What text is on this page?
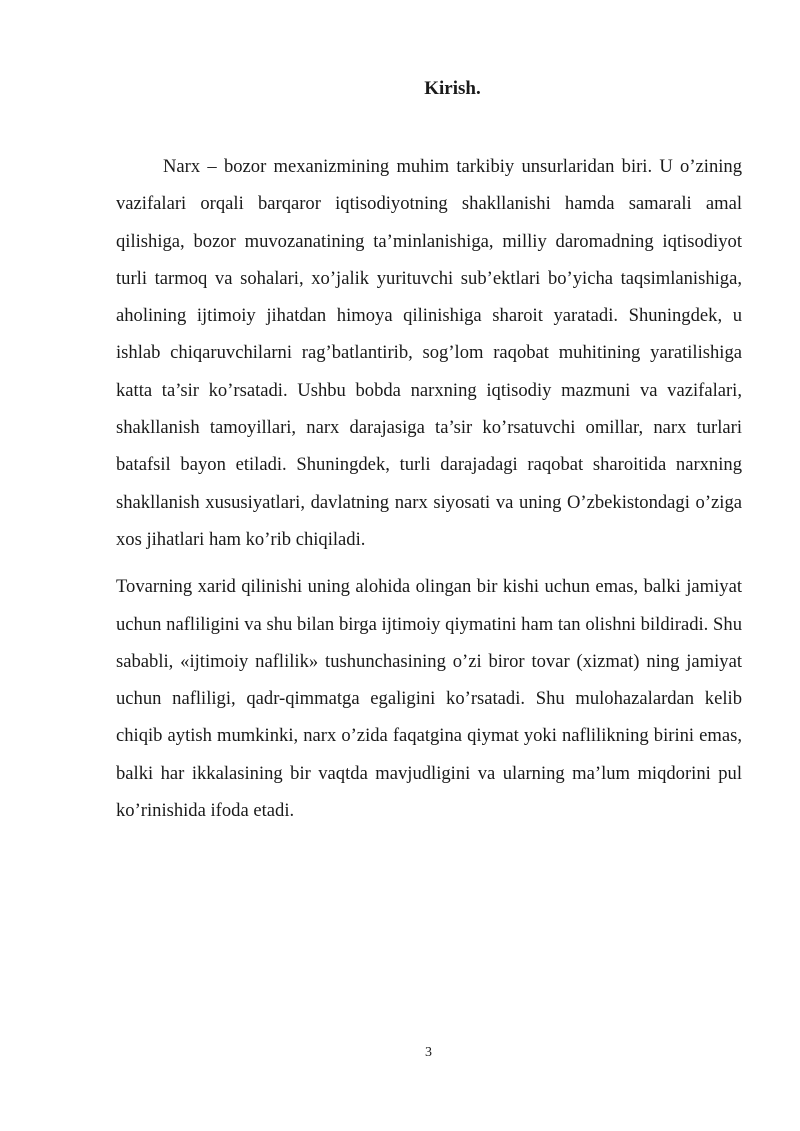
Kirish.

Narx – bozor mexanizmining muhim tarkibiy unsurlaridan biri. U o’zining vazifalari orqali barqaror iqtisodiyotning shakllanishi hamda samarali amal qilishiga, bozor muvozanatining ta’minlanishiga, milliy daromadning iqtisodiyot turli tarmoq va sohalari, xo’jalik yurituvchi sub’ektlari bo’yicha taqsimlanishiga, aholining ijtimoiy jihatdan himoya qilinishiga sharoit yaratadi. Shuningdek, u ishlab chiqaruvchilarni rag’batlantirib, sog’lom raqobat muhitining yaratilishiga katta ta’sir ko’rsatadi. Ushbu bobda narxning iqtisodiy mazmuni va vazifalari, shakllanish tamoyillari, narx darajasiga ta’sir ko’rsatuvchi omillar, narx turlari batafsil bayon etiladi. Shuningdek, turli darajadagi raqobat sharoitida narxning shakllanish xususiyatlari, davlatning narx siyosati va uning O’zbekistondagi o’ziga xos jihatlari ham ko’rib chiqiladi.

Tovarning xarid qilinishi uning alohida olingan bir kishi uchun emas, balki jamiyat uchun nafliligini va shu bilan birga ijtimoiy qiymatini ham tan olishni bildiradi. Shu sababli, «ijtimoiy naflilik» tushunchasining o’zi biror tovar (xizmat) ning jamiyat uchun nafliligi, qadr-qimmatga egaligini ko’rsatadi. Shu mulohazalardan kelib chiqib aytish mumkinki, narx o’zida faqatgina qiymat yoki naflilikning birini emas, balki har ikkalasining bir vaqtda mavjudligini va ularning ma’lum miqdorini pul ko’rinishida ifoda etadi.

3
